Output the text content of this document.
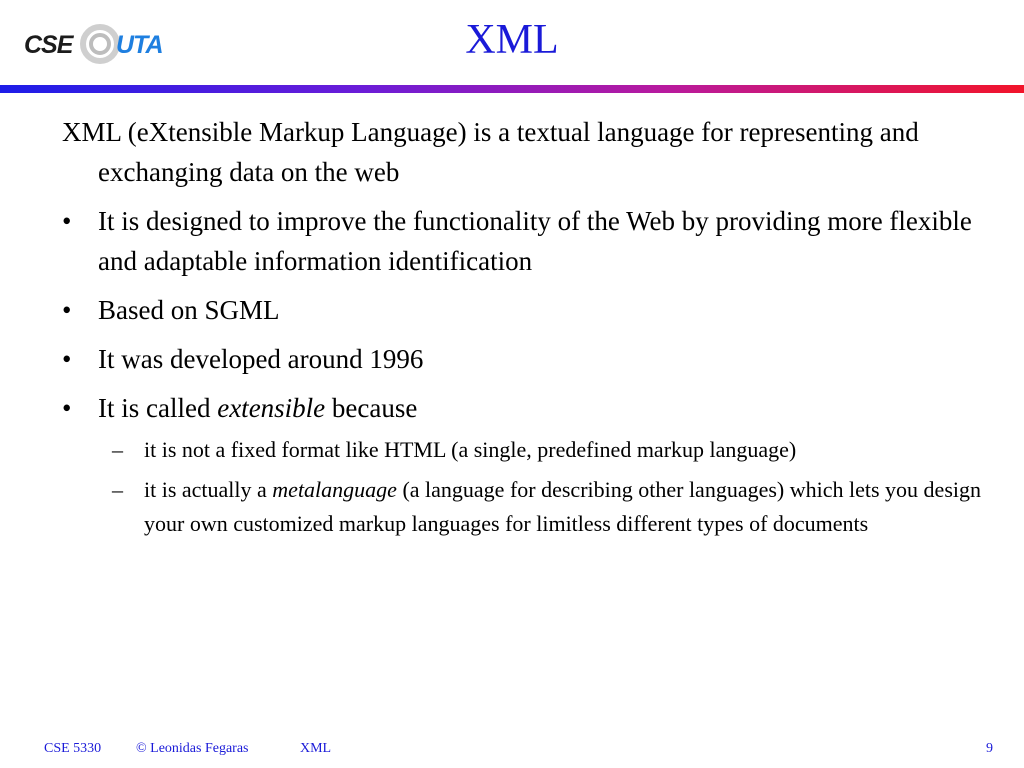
CSE UTA	XML
XML (eXtensible Markup Language) is a textual language for representing and exchanging data on the web
• It is designed to improve the functionality of the Web by providing more flexible and adaptable information identification
• Based on SGML
• It was developed around 1996
• It is called extensible because
– it is not a fixed format like HTML (a single, predefined markup language)
– it is actually a metalanguage (a language for describing other languages) which lets you design your own customized markup languages for limitless different types of documents
CSE 5330 © Leonidas Fegaras	XML	9
